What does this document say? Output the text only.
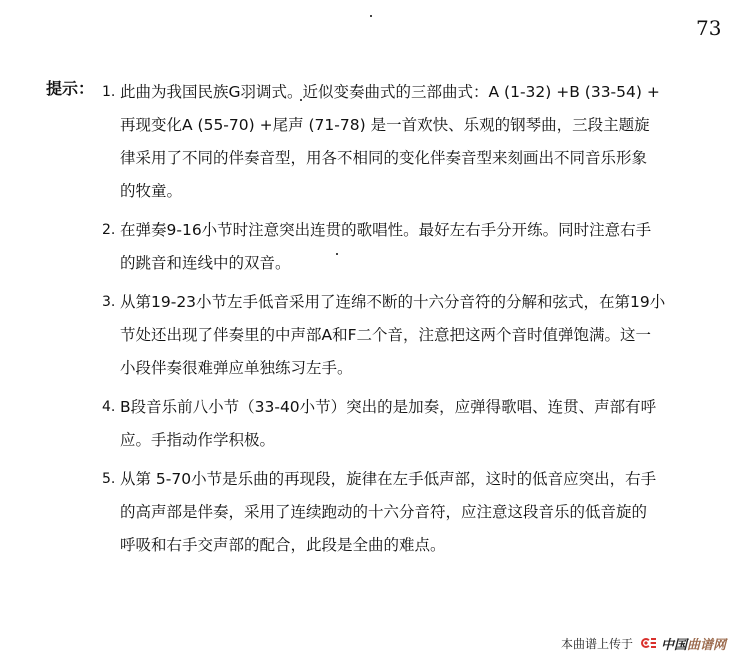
73
提示： 1. 此曲为我国民族G羽调式。近似变奏曲式的三部曲式：A (1-32) +B (33-54) +
再现变化A (55-70) +尾声 (71-78) 是一首欢快、乐观的钢琴曲，三段主题旋
律采用了不同的伴奏音型，用各不相同的变化伴奏音型来刻画出不同音乐形象
的牧童。
2. 在弹奏9-16小节时注意突出连贯的歌唱性。最好左右手分开练。同时注意右手
的跳音和连线中的双音。
3. 从第19-23小节左手低音采用了连绵不断的十六分音符的分解和弦式，在第19小
节处还出现了伴奏里的中声部A和F二个音，注意把这两个音时值弹饱满。这一
小段伴奏很难弹应单独练习左手。
4. B段音乐前八小节（33-40小节）突出的是加奏，应弹得歌唱、连贯、声部有呼
应。手指动作学积极。
5. 从第 5-70小节是乐曲的再现段，旋律在左手低声部，这时的低音应突出，右手
的高声部是伴奏，采用了连续跑动的十六分音符，应注意这段音乐的低音旋的
呼吸和右手交声部的配合，此段是全曲的难点。
本曲谱上传于 中国 曲谱网
